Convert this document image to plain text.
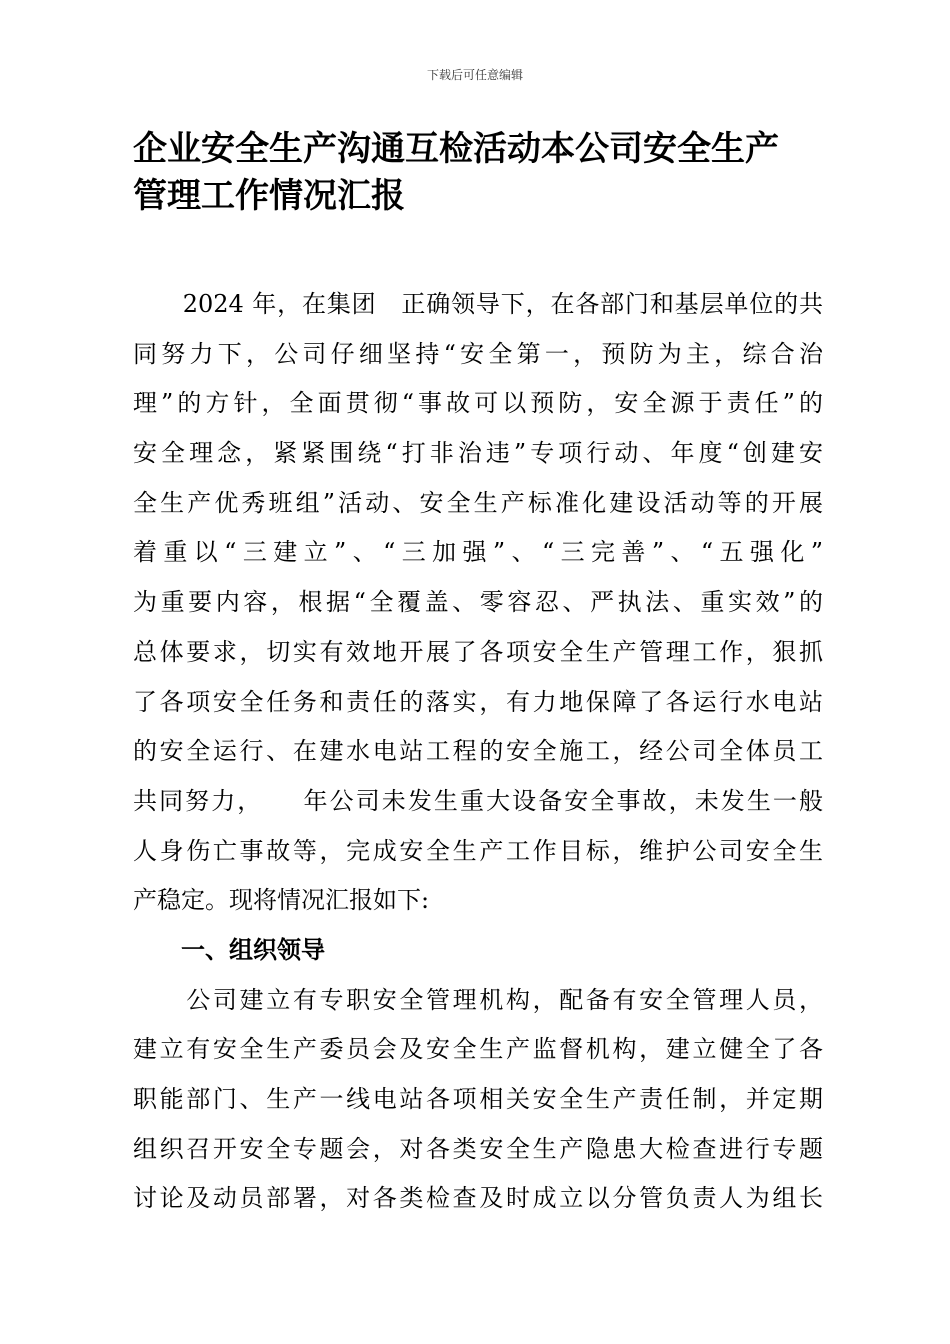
下载后可任意编辑
企业安全生产沟通互检活动本公司安全生产
管理工作情况汇报
　　2024 年，在集团　正确领导下，在各部门和基层单位的共
同努力下，公司仔细坚持“安全第一，预防为主，综合治
理”的方针，全面贯彻“事故可以预防，安全源于责任”的
安全理念，紧紧围绕“打非治违”专项行动、年度“创建安
全生产优秀班组”活动、安全生产标准化建设活动等的开展
着重以“三建立”、“三加强”、“三完善”、“五强化”
为重要内容，根据“全覆盖、零容忍、严执法、重实效”的
总体要求，切实有效地开展了各项安全生产管理工作，狠抓
了各项安全任务和责任的落实，有力地保障了各运行水电站
的安全运行、在建水电站工程的安全施工，经公司全体员工
共同努力，　　年公司未发生重大设备安全事故，未发生一般
人身伤亡事故等，完成安全生产工作目标，维护公司安全生
产稳定。现将情况汇报如下:
一、组织领导
　　公司建立有专职安全管理机构，配备有安全管理人员，
建立有安全生产委员会及安全生产监督机构，建立健全了各
职能部门、生产一线电站各项相关安全生产责任制，并定期
组织召开安全专题会，对各类安全生产隐患大检查进行专题
讨论及动员部署，对各类检查及时成立以分管负责人为组长
